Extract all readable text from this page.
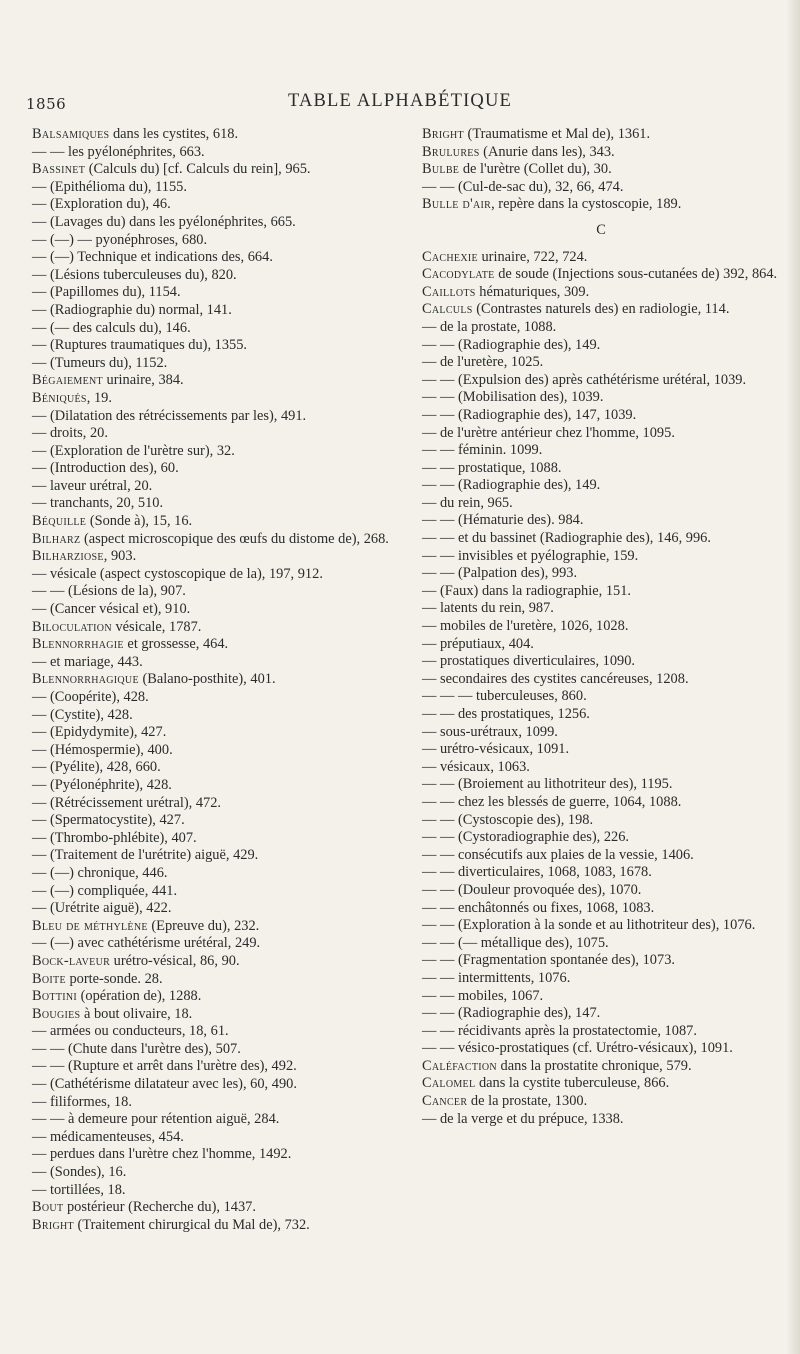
1856	TABLE ALPHABÉTIQUE

Balsamiques dans les cystites, 618.

— — les pyélonéphrites, 663.

Bassinet (Calculs du) [cf. Calculs du rein], 965.

— (Epithélioma du), 1155.

— (Exploration du), 46.

— (Lavages du) dans les pyélonéphrites, 665.

— (—) — pyonéphroses, 680.

— (—) Technique et indications des, 664.

— (Lésions tuberculeuses du), 820.

— (Papillomes du), 1154.

— (Radiographie du) normal, 141.

— (— des calculs du), 146.

— (Ruptures traumatiques du), 1355.

— (Tumeurs du), 1152.

Bégaiement urinaire, 384.

Béniqués, 19.

— (Dilatation des rétrécissements par les), 491.

— droits, 20.

— (Exploration de l'urètre sur), 32.

— (Introduction des), 60.

— laveur urétral, 20.

— tranchants, 20, 510.

Béquille (Sonde à), 15, 16.

Bilharz (aspect microscopique des œufs du distome de), 268.

Bilharziose, 903.

— vésicale (aspect cystoscopique de la), 197, 912.

— — (Lésions de la), 907.

— (Cancer vésical et), 910.

Biloculation vésicale, 1787.

Blennorrhagie et grossesse, 464.

— et mariage, 443.

Blennorrhagique (Balano-posthite), 401.

— (Coopérite), 428.

— (Cystite), 428.

— (Epidydymite), 427.

— (Hémospermie), 400.

— (Pyélite), 428, 660.

— (Pyélonéphrite), 428.

— (Rétrécissement urétral), 472.

— (Spermatocystite), 427.

— (Thrombo-phlébite), 407.

— (Traitement de l'urétrite) aiguë, 429.

— (—) chronique, 446.

— (—) compliquée, 441.

— (Urétrite aiguë), 422.

Bleu de méthylène (Epreuve du), 232.

— (—) avec cathétérisme urétéral, 249.

Bock-laveur urétro-vésical, 86, 90.

Boite porte-sonde. 28.

Bottini (opération de), 1288.

Bougies à bout olivaire, 18.

— armées ou conducteurs, 18, 61.

— — (Chute dans l'urètre des), 507.

— — (Rupture et arrêt dans l'urètre des), 492.

— (Cathétérisme dilatateur avec les), 60, 490.

— filiformes, 18.

— — à demeure pour rétention aiguë, 284.

— médicamenteuses, 454.

— perdues dans l'urètre chez l'homme, 1492.

— (Sondes), 16.

— tortillées, 18.

Bout postérieur (Recherche du), 1437.

Bright (Traitement chirurgical du Mal de), 732.

Bright (Traumatisme et Mal de), 1361.

Brulures (Anurie dans les), 343.

Bulbe de l'urètre (Collet du), 30.

— — (Cul-de-sac du), 32, 66, 474.

Bulle d'air, repère dans la cystoscopie, 189.

C

Cachexie urinaire, 722, 724.

Cacodylate de soude (Injections sous-cutanées de) 392, 864.

Caillots hématuriques, 309.

Calculs (Contrastes naturels des) en radiologie, 114.

— de la prostate, 1088.

— — (Radiographie des), 149.

— de l'uretère, 1025.

— — (Expulsion des) après cathétérisme urétéral, 1039.

— — (Mobilisation des), 1039.

— — (Radiographie des), 147, 1039.

— de l'urètre antérieur chez l'homme, 1095.

— — féminin. 1099.

— — prostatique, 1088.

— — (Radiographie des), 149.

— du rein, 965.

— — (Hématurie des). 984.

— — et du bassinet (Radiographie des), 146, 996.

— — invisibles et pyélographie, 159.

— — (Palpation des), 993.

— (Faux) dans la radiographie, 151.

— latents du rein, 987.

— mobiles de l'uretère, 1026, 1028.

— préputiaux, 404.

— prostatiques diverticulaires, 1090.

— secondaires des cystites cancéreuses, 1208.

— — — tuberculeuses, 860.

— — des prostatiques, 1256.

— sous-urétraux, 1099.

— urétro-vésicaux, 1091.

— vésicaux, 1063.

— — (Broiement au lithotriteur des), 1195.

— — chez les blessés de guerre, 1064, 1088.

— — (Cystoscopie des), 198.

— — (Cystoradiographie des), 226.

— — consécutifs aux plaies de la vessie, 1406.

— — diverticulaires, 1068, 1083, 1678.

— — (Douleur provoquée des), 1070.

— — enchâtonnés ou fixes, 1068, 1083.

— — (Exploration à la sonde et au lithotriteur des), 1076.

— — (— métallique des), 1075.

— — (Fragmentation spontanée des), 1073.

— — intermittents, 1076.

— — mobiles, 1067.

— — (Radiographie des), 147.

— — récidivants après la prostatectomie, 1087.

— — vésico-prostatiques (cf. Urétro-vésicaux), 1091.

Caléfaction dans la prostatite chronique, 579.

Calomel dans la cystite tuberculeuse, 866.

Cancer de la prostate, 1300.

— de la verge et du prépuce, 1338.
